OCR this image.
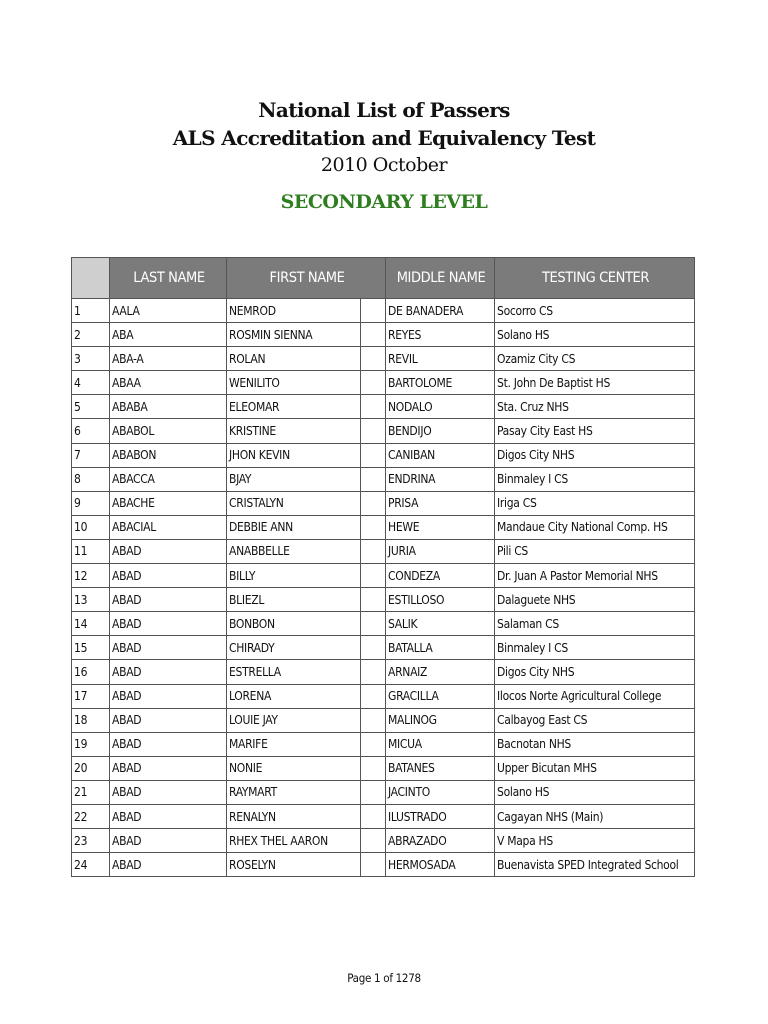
National List of Passers
ALS Accreditation and Equivalency Test
2010 October
SECONDARY LEVEL
	LAST NAME	FIRST NAME		MIDDLE NAME	TESTING CENTER
1	AALA	NEMROD		DE BANADERA	Socorro CS
2	ABA	ROSMIN SIENNA		REYES	Solano HS
3	ABA-A	ROLAN		REVIL	Ozamiz City CS
4	ABAA	WENILITO		BARTOLOME	St. John De Baptist HS
5	ABABA	ELEOMAR		NODALO	Sta. Cruz NHS
6	ABABOL	KRISTINE		BENDIJO	Pasay City East HS
7	ABABON	JHON KEVIN		CANIBAN	Digos City NHS
8	ABACCA	BJAY		ENDRINA	Binmaley I CS
9	ABACHE	CRISTALYN		PRISA	Iriga CS
10	ABACIAL	DEBBIE ANN		HEWE	Mandaue City National Comp. HS
11	ABAD	ANABBELLE		JURIA	Pili CS
12	ABAD	BILLY		CONDEZA	Dr. Juan A Pastor Memorial NHS
13	ABAD	BLIEZL		ESTILLOSO	Dalaguete NHS
14	ABAD	BONBON		SALIK	Salaman CS
15	ABAD	CHIRADY		BATALLA	Binmaley I CS
16	ABAD	ESTRELLA		ARNAIZ	Digos City NHS
17	ABAD	LORENA		GRACILLA	Ilocos Norte Agricultural College
18	ABAD	LOUIE JAY		MALINOG	Calbayog East CS
19	ABAD	MARIFE		MICUA	Bacnotan NHS
20	ABAD	NONIE		BATANES	Upper Bicutan MHS
21	ABAD	RAYMART		JACINTO	Solano HS
22	ABAD	RENALYN		ILUSTRADO	Cagayan NHS (Main)
23	ABAD	RHEX THEL AARON		ABRAZADO	V Mapa HS
24	ABAD	ROSELYN		HERMOSADA	Buenavista SPED Integrated School
Page 1 of 1278
